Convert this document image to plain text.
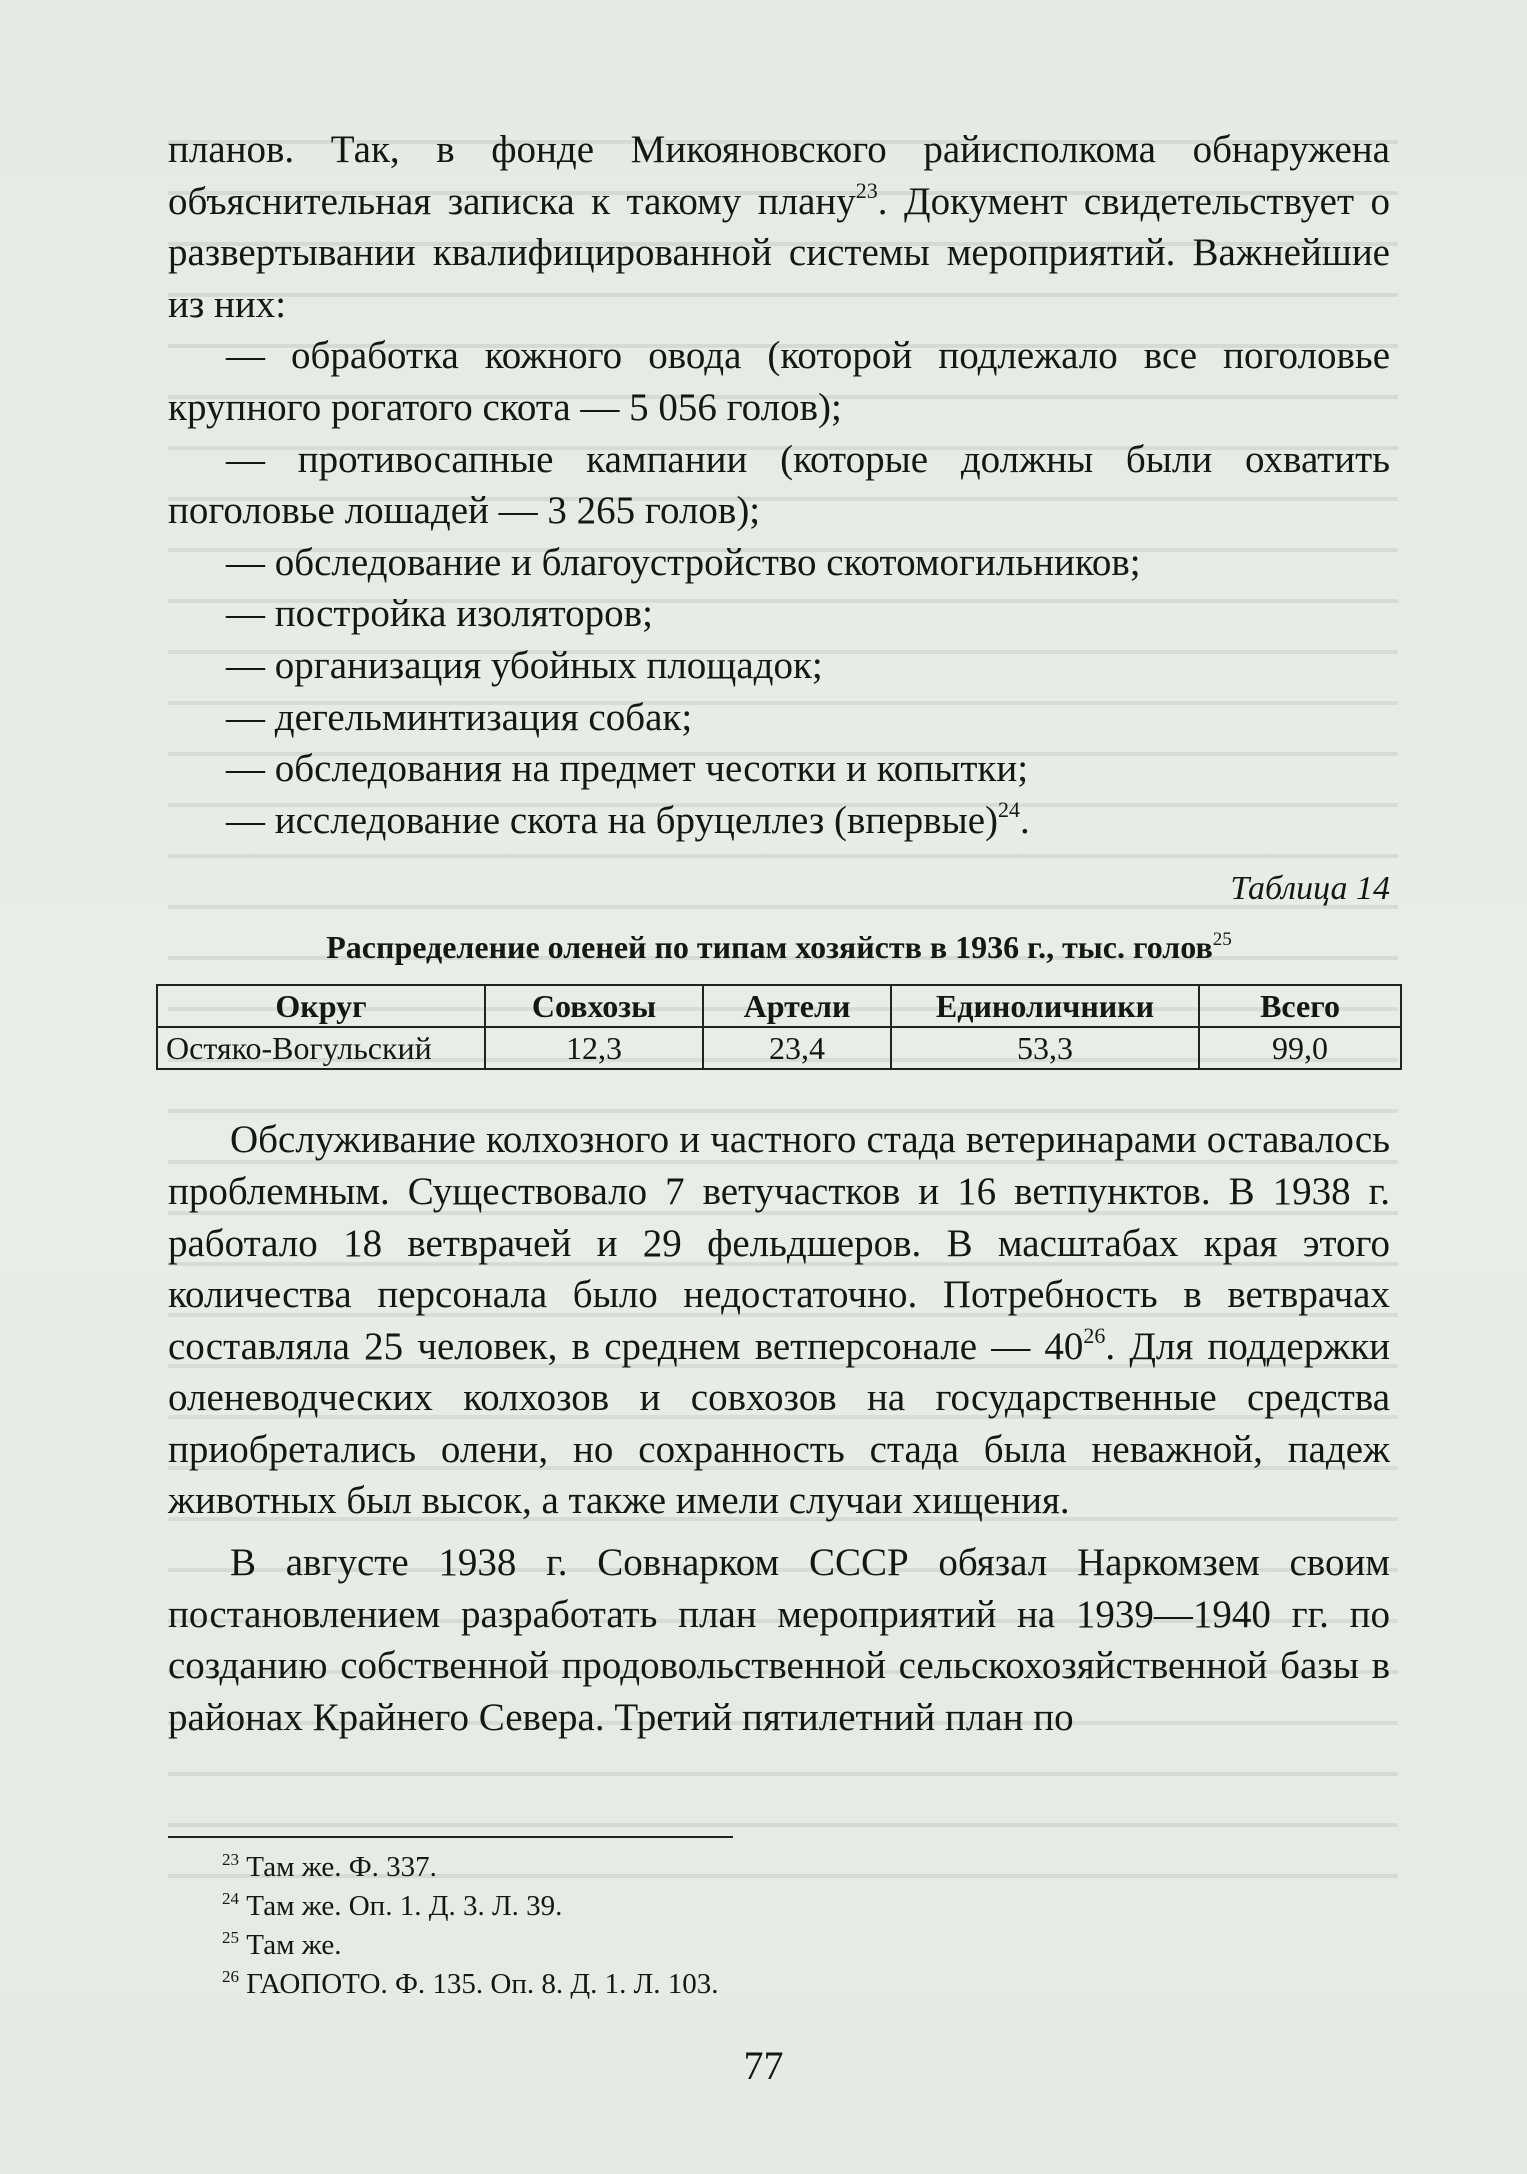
планов. Так, в фонде Микояновского райисполкома обнаружена объяснительная записка к такому плану$^{23}$. Документ свидетельствует о развертывании квалифицированной системы мероприятий. Важнейшие из них:

— обработка кожного овода (которой подлежало все поголовье крупного рогатого скота — 5 056 голов);

— противосапные кампании (которые должны были охватить поголовье лошадей — 3 265 голов);

— обследование и благоустройство скотомогильников;

— постройка изоляторов;

— организация убойных площадок;

— дегельминтизация собак;

— обследования на предмет чесотки и копытки;

— исследование скота на бруцеллез (впервые)$^{24}$.

Таблица 14
Распределение оленей по типам хозяйств в 1936 г., тыс. голов$^{25}$
Округ	Совхозы	Артели	Единоличники	Всего
Остяко-Вогульский	12,3	23,4	53,3	99,0

Обслуживание колхозного и частного стада ветеринарами оставалось проблемным. Существовало 7 ветучастков и 16 ветпунктов. В 1938 г. работало 18 ветврачей и 29 фельдшеров. В масштабах края этого количества персонала было недостаточно. Потребность в ветврачах составляла 25 человек, в среднем ветперсонале — $40^{26}$. Для поддержки оленеводческих колхозов и совхозов на государственные средства приобретались олени, но сохранность стада была неважной, падеж животных был высок, а также имели случаи хищения.

В августе 1938 г. Совнарком СССР обязал Наркомзем своим постановлением разработать план мероприятий на 1939—1940 гг. по созданию собственной продовольственной сельскохозяйственной базы в районах Крайнего Севера. Третий пятилетний план по

$^{23}$ Там же. Ф. 337.
$^{24}$ Там же. Оп. 1. Д. 3. Л. 39.
$^{25}$ Там же.
$^{26}$ ГАОПОТО. Ф. 135. Оп. 8. Д. 1. Л. 103.
77
